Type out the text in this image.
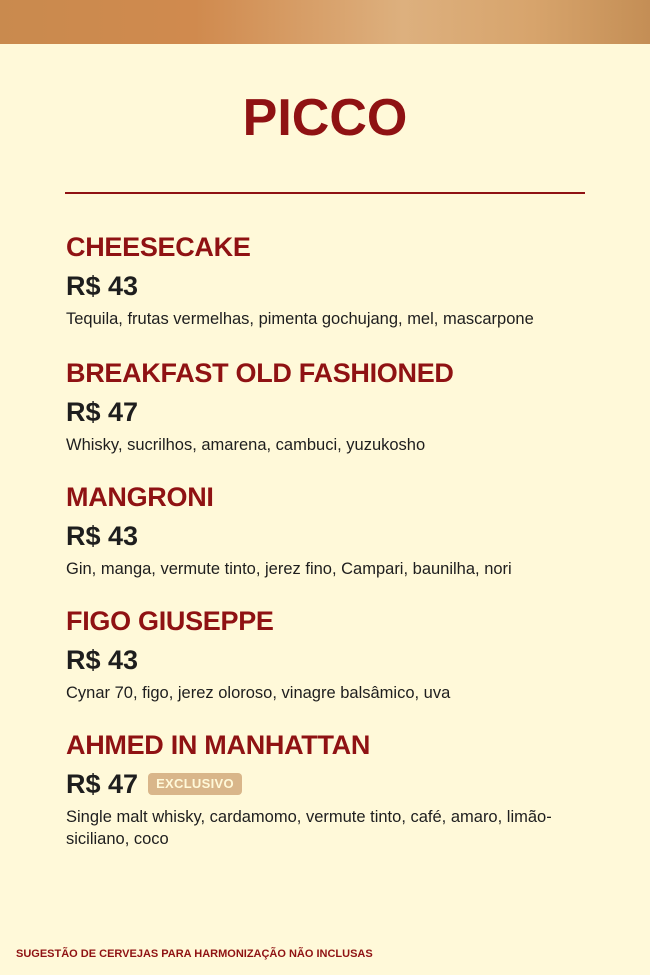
PICCO
CHEESECAKE
R$ 43
Tequila, frutas vermelhas, pimenta gochujang, mel, mascarpone
BREAKFAST OLD FASHIONED
R$ 47
Whisky, sucrilhos, amarena, cambuci, yuzukosho
MANGRONI
R$ 43
Gin, manga, vermute tinto, jerez fino, Campari, baunilha, nori
FIGO GIUSEPPE
R$ 43
Cynar 70, figo, jerez oloroso, vinagre balsâmico, uva
AHMED IN MANHATTAN
R$ 47	EXCLUSIVO
Single malt whisky, cardamomo, vermute tinto, café, amaro, limão-siciliano, coco
SUGESTÃO DE CERVEJAS PARA HARMONIZAÇÃO NÃO INCLUSAS
